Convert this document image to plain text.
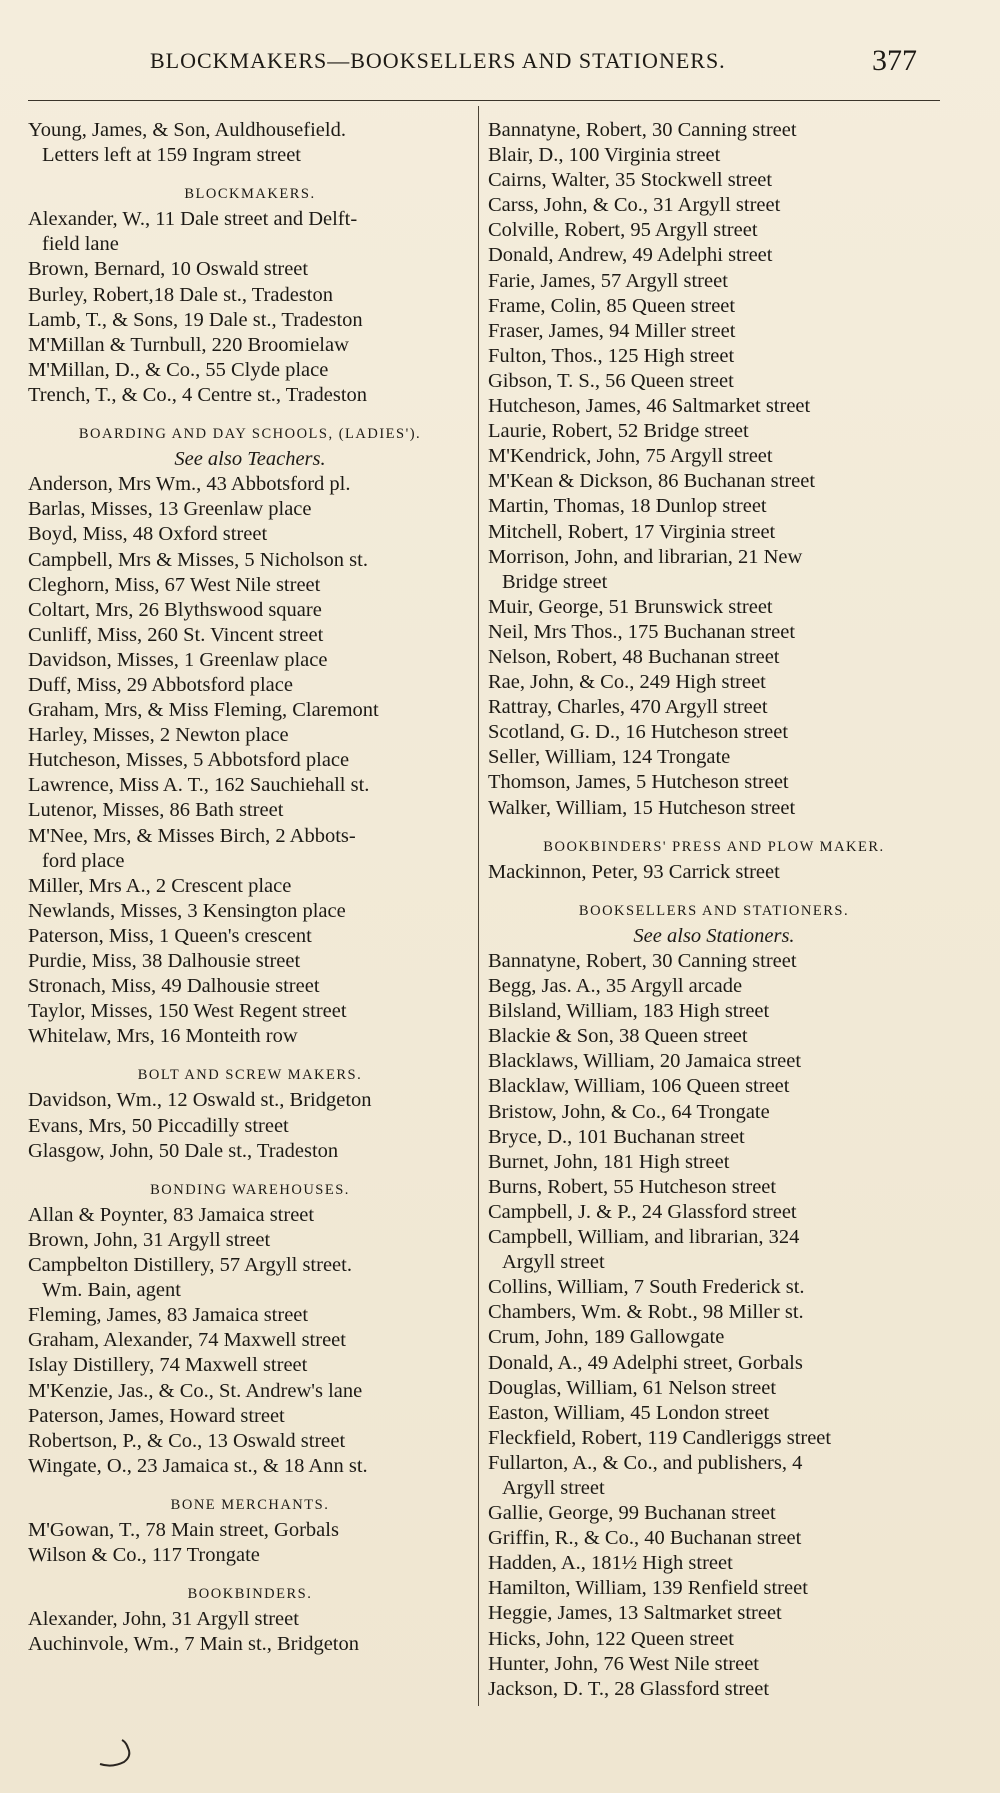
BLOCKMAKERS—BOOKSELLERS AND STATIONERS.	377
Young, James, & Son, Auldhousefield.
Letters left at 159 Ingram street
BLOCKMAKERS.
Alexander, W., 11 Dale street and Delft-
field lane
Brown, Bernard, 10 Oswald street
Burley, Robert,18 Dale st., Tradeston
Lamb, T., & Sons, 19 Dale st., Tradeston
M'Millan & Turnbull, 220 Broomielaw
M'Millan, D., & Co., 55 Clyde place
Trench, T., & Co., 4 Centre st., Tradeston
BOARDING AND DAY SCHOOLS, (LADIES').
See also Teachers.
Anderson, Mrs Wm., 43 Abbotsford pl.
Barlas, Misses, 13 Greenlaw place
Boyd, Miss, 48 Oxford street
Campbell, Mrs & Misses, 5 Nicholson st.
Cleghorn, Miss, 67 West Nile street
Coltart, Mrs, 26 Blythswood square
Cunliff, Miss, 260 St. Vincent street
Davidson, Misses, 1 Greenlaw place
Duff, Miss, 29 Abbotsford place
Graham, Mrs, & Miss Fleming, Claremont
Harley, Misses, 2 Newton place
Hutcheson, Misses, 5 Abbotsford place
Lawrence, Miss A. T., 162 Sauchiehall st.
Lutenor, Misses, 86 Bath street
M'Nee, Mrs, & Misses Birch, 2 Abbots-
ford place
Miller, Mrs A., 2 Crescent place
Newlands, Misses, 3 Kensington place
Paterson, Miss, 1 Queen's crescent
Purdie, Miss, 38 Dalhousie street
Stronach, Miss, 49 Dalhousie street
Taylor, Misses, 150 West Regent street
Whitelaw, Mrs, 16 Monteith row
BOLT AND SCREW MAKERS.
Davidson, Wm., 12 Oswald st., Bridgeton
Evans, Mrs, 50 Piccadilly street
Glasgow, John, 50 Dale st., Tradeston
BONDING WAREHOUSES.
Allan & Poynter, 83 Jamaica street
Brown, John, 31 Argyll street
Campbelton Distillery, 57 Argyll street.
Wm. Bain, agent
Fleming, James, 83 Jamaica street
Graham, Alexander, 74 Maxwell street
Islay Distillery, 74 Maxwell street
M'Kenzie, Jas., & Co., St. Andrew's lane
Paterson, James, Howard street
Robertson, P., & Co., 13 Oswald street
Wingate, O., 23 Jamaica st., & 18 Ann st.
BONE MERCHANTS.
M'Gowan, T., 78 Main street, Gorbals
Wilson & Co., 117 Trongate
BOOKBINDERS.
Alexander, John, 31 Argyll street
Auchinvole, Wm., 7 Main st., Bridgeton
Bannatyne, Robert, 30 Canning street
Blair, D., 100 Virginia street
Cairns, Walter, 35 Stockwell street
Carss, John, & Co., 31 Argyll street
Colville, Robert, 95 Argyll street
Donald, Andrew, 49 Adelphi street
Farie, James, 57 Argyll street
Frame, Colin, 85 Queen street
Fraser, James, 94 Miller street
Fulton, Thos., 125 High street
Gibson, T. S., 56 Queen street
Hutcheson, James, 46 Saltmarket street
Laurie, Robert, 52 Bridge street
M'Kendrick, John, 75 Argyll street
M'Kean & Dickson, 86 Buchanan street
Martin, Thomas, 18 Dunlop street
Mitchell, Robert, 17 Virginia street
Morrison, John, and librarian, 21 New
Bridge street
Muir, George, 51 Brunswick street
Neil, Mrs Thos., 175 Buchanan street
Nelson, Robert, 48 Buchanan street
Rae, John, & Co., 249 High street
Rattray, Charles, 470 Argyll street
Scotland, G. D., 16 Hutcheson street
Seller, William, 124 Trongate
Thomson, James, 5 Hutcheson street
Walker, William, 15 Hutcheson street
BOOKBINDERS' PRESS AND PLOW MAKER.
Mackinnon, Peter, 93 Carrick street
BOOKSELLERS AND STATIONERS.
See also Stationers.
Bannatyne, Robert, 30 Canning street
Begg, Jas. A., 35 Argyll arcade
Bilsland, William, 183 High street
Blackie & Son, 38 Queen street
Blacklaws, William, 20 Jamaica street
Blacklaw, William, 106 Queen street
Bristow, John, & Co., 64 Trongate
Bryce, D., 101 Buchanan street
Burnet, John, 181 High street
Burns, Robert, 55 Hutcheson street
Campbell, J. & P., 24 Glassford street
Campbell, William, and librarian, 324
Argyll street
Collins, William, 7 South Frederick st.
Chambers, Wm. & Robt., 98 Miller st.
Crum, John, 189 Gallowgate
Donald, A., 49 Adelphi street, Gorbals
Douglas, William, 61 Nelson street
Easton, William, 45 London street
Fleckfield, Robert, 119 Candleriggs street
Fullarton, A., & Co., and publishers, 4
Argyll street
Gallie, George, 99 Buchanan street
Griffin, R., & Co., 40 Buchanan street
Hadden, A., 181½ High street
Hamilton, William, 139 Renfield street
Heggie, James, 13 Saltmarket street
Hicks, John, 122 Queen street
Hunter, John, 76 West Nile street
Jackson, D. T., 28 Glassford street
